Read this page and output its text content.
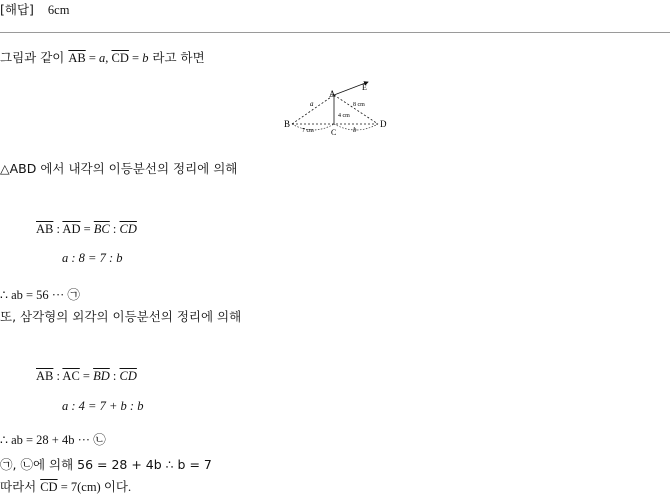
[해답] 6cm
그림과 같이 $\overline{AB} = a$, $\overline{CD} = b$ 라고 하면
A
E
B
C
D
a
4 cm
8 cm
7 cm	b
△ABD 에서 내각의 이등분선의 정리에 의해
$\overline{AB}$ : $\overline{AD} = \overline{BC}$ : $\overline{CD}$
a : 8 = 7 : b
∴ ab = 56 ··· ㉠
또, 삼각형의 외각의 이등분선의 정리에 의해
$\overline{AB}$ : $\overline{AC} = \overline{BD}$ : $\overline{CD}$
a : 4 = 7 + b : b
∴ ab = 28 + 4b ··· ㉡
㉠, ㉡에 의해 56 = 28 + 4b ∴ b = 7
따라서 $\overline{CD} = 7(cm)$ 이다.
